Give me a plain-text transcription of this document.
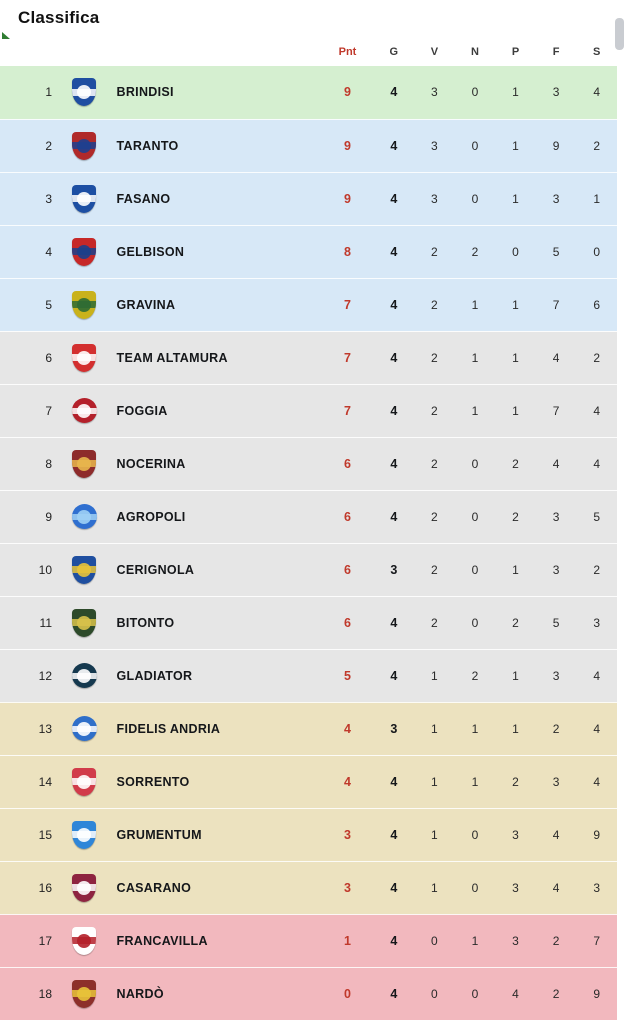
Classifica
			Pnt	G	V	N	P	F	S
1		BRINDISI	9	4	3	0	1	3	4
2		TARANTO	9	4	3	0	1	9	2
3		FASANO	9	4	3	0	1	3	1
4		GELBISON	8	4	2	2	0	5	0
5		GRAVINA	7	4	2	1	1	7	6
6		TEAM ALTAMURA	7	4	2	1	1	4	2
7		FOGGIA	7	4	2	1	1	7	4
8		NOCERINA	6	4	2	0	2	4	4
9		AGROPOLI	6	4	2	0	2	3	5
10		CERIGNOLA	6	3	2	0	1	3	2
11		BITONTO	6	4	2	0	2	5	3
12		GLADIATOR	5	4	1	2	1	3	4
13		FIDELIS ANDRIA	4	3	1	1	1	2	4
14		SORRENTO	4	4	1	1	2	3	4
15		GRUMENTUM	3	4	1	0	3	4	9
16		CASARANO	3	4	1	0	3	4	3
17		FRANCAVILLA	1	4	0	1	3	2	7
18		NARDÒ	0	4	0	0	4	2	9
